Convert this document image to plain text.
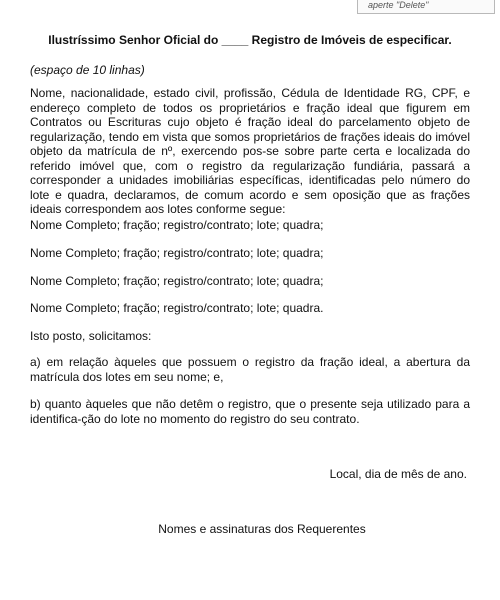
aperte "Delete"
Ilustríssimo Senhor Oficial do ____ Registro de Imóveis de especificar.
(espaço de 10 linhas)
Nome, nacionalidade, estado civil, profissão, Cédula de Identidade RG, CPF, e endereço completo de todos os proprietários e fração ideal que figurem em Contratos ou Escrituras cujo objeto é fração ideal do parcelamento objeto de regularização, tendo em vista que somos proprietários de frações ideais do imóvel objeto da matrícula de nº, exercendo pos-se sobre parte certa e localizada do referido imóvel que, com o registro da regularização fundiária, passará a corresponder a unidades imobiliárias específicas, identificadas pelo número do lote e quadra, declaramos, de comum acordo e sem oposição que as frações ideais correspondem aos lotes conforme segue:
Nome Completo; fração; registro/contrato; lote; quadra;
Nome Completo; fração; registro/contrato; lote; quadra;
Nome Completo; fração; registro/contrato; lote; quadra;
Nome Completo; fração; registro/contrato; lote; quadra.
Isto posto, solicitamos:
a) em relação àqueles que possuem o registro da fração ideal, a abertura da matrícula dos lotes em seu nome; e,
b) quanto àqueles que não detêm o registro, que o presente seja utilizado para a identifica-ção do lote no momento do registro do seu contrato.
Local, dia de mês de ano.
Nomes e assinaturas dos Requerentes
